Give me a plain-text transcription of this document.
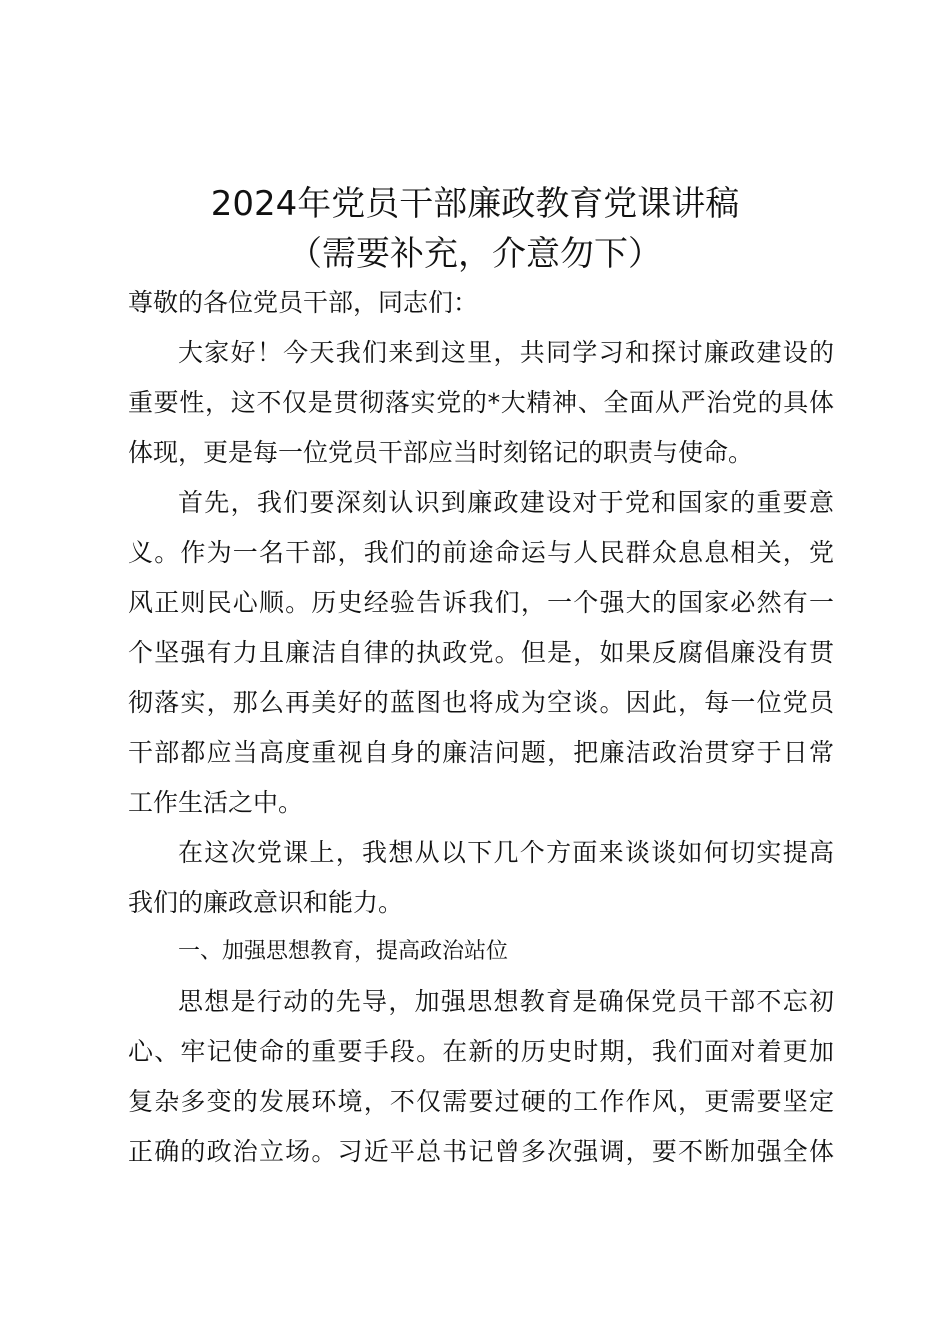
2024年党员干部廉政教育党课讲稿
（需要补充，介意勿下）
尊敬的各位党员干部，同志们：
大家好！今天我们来到这里，共同学习和探讨廉政建设的
重要性，这不仅是贯彻落实党的*大精神、全面从严治党的具体
体现，更是每一位党员干部应当时刻铭记的职责与使命。
首先，我们要深刻认识到廉政建设对于党和国家的重要意
义。作为一名干部，我们的前途命运与人民群众息息相关，党
风正则民心顺。历史经验告诉我们，一个强大的国家必然有一
个坚强有力且廉洁自律的执政党。但是，如果反腐倡廉没有贯
彻落实，那么再美好的蓝图也将成为空谈。因此，每一位党员
干部都应当高度重视自身的廉洁问题，把廉洁政治贯穿于日常
工作生活之中。
在这次党课上，我想从以下几个方面来谈谈如何切实提高
我们的廉政意识和能力。
一、加强思想教育，提高政治站位
思想是行动的先导，加强思想教育是确保党员干部不忘初
心、牢记使命的重要手段。在新的历史时期，我们面对着更加
复杂多变的发展环境，不仅需要过硬的工作作风，更需要坚定
正确的政治立场。习近平总书记曾多次强调，要不断加强全体
